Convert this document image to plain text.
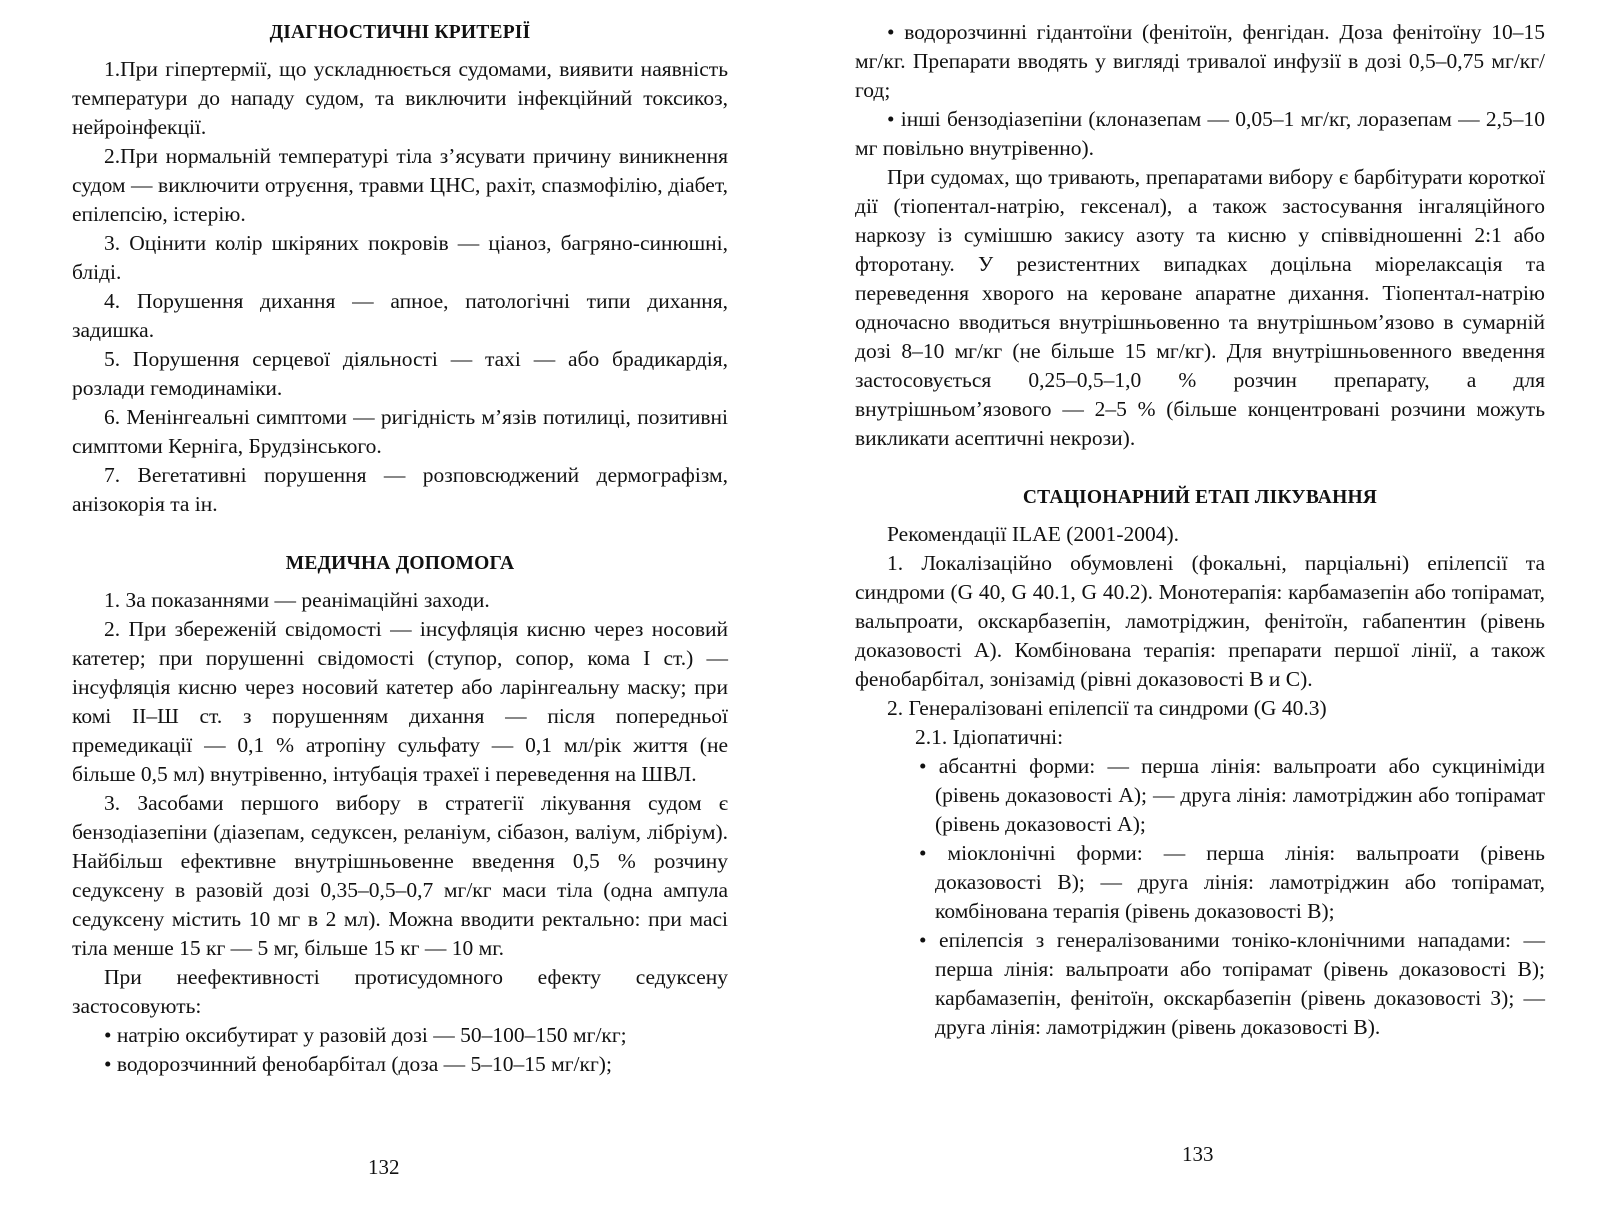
ДІАГНОСТИЧНІ КРИТЕРІЇ

1.При гіпертермії, що ускладнюється судомами, виявити наявність температури до нападу судом, та виключити інфекційний токсикоз, нейроінфекції.

2.При нормальній температурі тіла з’ясувати причину виникнення судом — виключити отруєння, травми ЦНС, рахіт, спазмофілію, діабет, епілепсію, істерію.

3. Оцінити колір шкіряних покровів — ціаноз, багряно-синюшні, бліді.

4. Порушення дихання — апное, патологічні типи дихання, задишка.

5. Порушення серцевої діяльності — тахі — або брадикардія, розлади гемодинаміки.

6. Менінгеальні симптоми — ригідність м’язів потилиці, позитивні симптоми Керніга, Брудзінського.

7. Вегетативні порушення — розповсюджений дермографізм, анізокорія та ін.

МЕДИЧНА ДОПОМОГА

1. За показаннями — реанімаційні заходи.

2. При збереженій свідомості — інсуфляція кисню через носовий катетер; при порушенні свідомості (ступор, сопор, кома І ст.) — інсуфляція кисню через носовий катетер або ларінгеальну маску; при комі ІІ–Ш ст. з порушенням дихання — після попередньої премедикації — 0,1 % атропіну сульфату — 0,1 мл/рік життя (не більше 0,5 мл) внутрівенно, інтубація трахеї і переведення на ШВЛ.

3. Засобами першого вибору в стратегії лікування судом є бензодіазепіни (діазепам, седуксен, реланіум, сібазон, валіум, лібріум). Найбільш ефективне внутрішньовенне введення 0,5 % розчину седуксену в разовій дозі 0,35–0,5–0,7 мг/кг маси тіла (одна ампула седуксену містить 10 мг в 2 мл). Можна вводити ректально: при масі тіла менше 15 кг — 5 мг, більше 15 кг — 10 мг.

При неефективності протисудомного ефекту седуксену застосовують:

• натрію оксибутират у разовій дозі — 50–100–150 мг/кг;

• водорозчинний фенобарбітал (доза — 5–10–15 мг/кг);

132

• водорозчинні гідантоїни (фенітоїн, фенгідан. Доза фенітоїну 10–15 мг/кг. Препарати вводять у вигляді тривалої инфузії в дозі 0,5–0,75 мг/кг/год;

• інші бензодіазепіни (клоназепам — 0,05–1 мг/кг, лоразепам — 2,5–10 мг повільно внутрівенно).

При судомах, що тривають, препаратами вибору є барбітурати короткої дії (тіопентал-натрію, гексенал), а також застосування інгаляційного наркозу із сумішшю закису азоту та кисню у співвідношенні 2:1 або фторотану. У резистентних випадках доцільна міорелаксація та переведення хворого на кероване апаратне дихання. Тіопентал-натрію одночасно вводиться внутрішньовенно та внутрішньом’язово в сумарній дозі 8–10 мг/кг (не більше 15 мг/кг). Для внутрішньовенного введення застосовується 0,25–0,5–1,0 % розчин препарату, а для внутрішньом’язового — 2–5 % (більше концентровані розчини можуть викликати асептичні некрози).

СТАЦІОНАРНИЙ ЕТАП ЛІКУВАННЯ

Рекомендації ILAE (2001-2004).

1. Локалізаційно обумовлені (фокальні, парціальні) епілепсії та синдроми (G 40, G 40.1, G 40.2). Монотерапія: карбамазепін або топірамат, вальпроати, окскарбазепін, ламотріджин, фенітоїн, габапентин (рівень доказовості А). Комбінована терапія: препарати першої лінії, а також фенобарбітал, зонізамід (рівні доказовості В и С).

2. Генералізовані епілепсії та синдроми (G 40.3)

2.1. Ідіопатичні:

• абсантні форми: — перша лінія: вальпроати або сукциніміди (рівень доказовості А); — друга лінія: ламотріджин або топірамат (рівень доказовості А);

• міоклонічні форми: — перша лінія: вальпроати (рівень доказовості В); — друга лінія: ламотріджин або топірамат, комбінована терапія (рівень доказовості В);

• епілепсія з генералізованими тоніко-клонічними нападами: — перша лінія: вальпроати або топірамат (рівень доказовості В); карбамазепін, фенітоїн, окскарбазепін (рівень доказовості З); — друга лінія: ламотріджин (рівень доказовості В).

133
